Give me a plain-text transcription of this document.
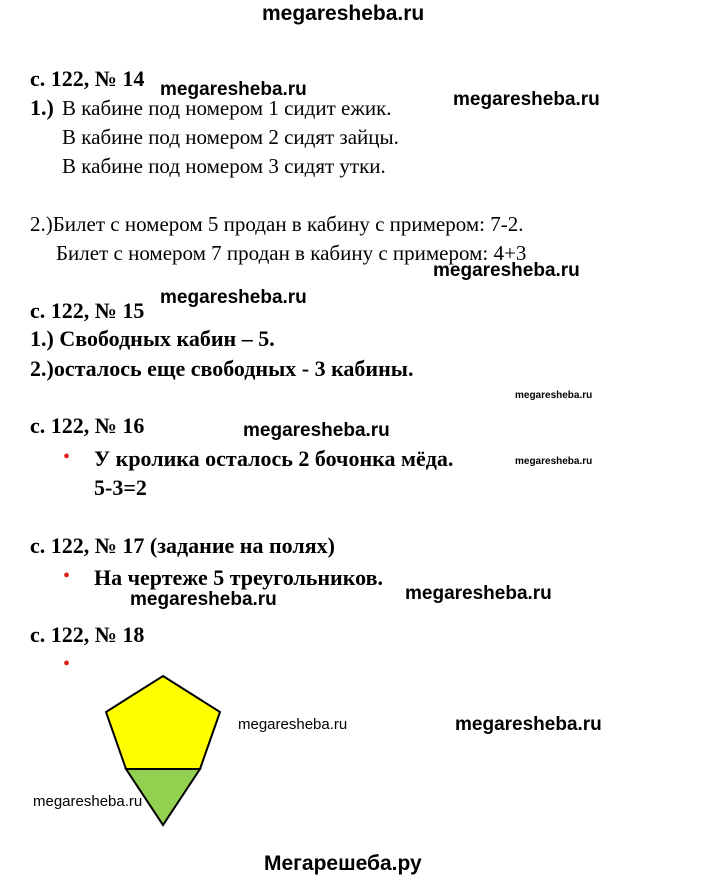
megaresheba.ru
с. 122, № 14 megaresheba.ru
1.) В кабине под номером 1 сидит ежик.	megaresheba.ru
В кабине под номером 2 сидят зайцы.
В кабине под номером 3 сидят утки.
2.)Билет с номером 5 продан в кабину с примером: 7-2.
Билет с номером 7 продан в кабину с примером: 4+3
megaresheba.ru
с. 122, № 15
megaresheba.ru
1.) Свободных кабин – 5.
2.)осталось еще свободных - 3 кабины.
megaresheba.ru
с. 122, № 16	megaresheba.ru
• У кролика осталось 2 бочонка мёда.	megaresheba.ru
5-3=2
с. 122, № 17 (задание на полях)
• На чертеже 5 треугольников.
megaresheba.ru	megaresheba.ru
с. 122, № 18
•
megaresheba.ru	megaresheba.ru
megaresheba.ru
Мегарешеба.ру
